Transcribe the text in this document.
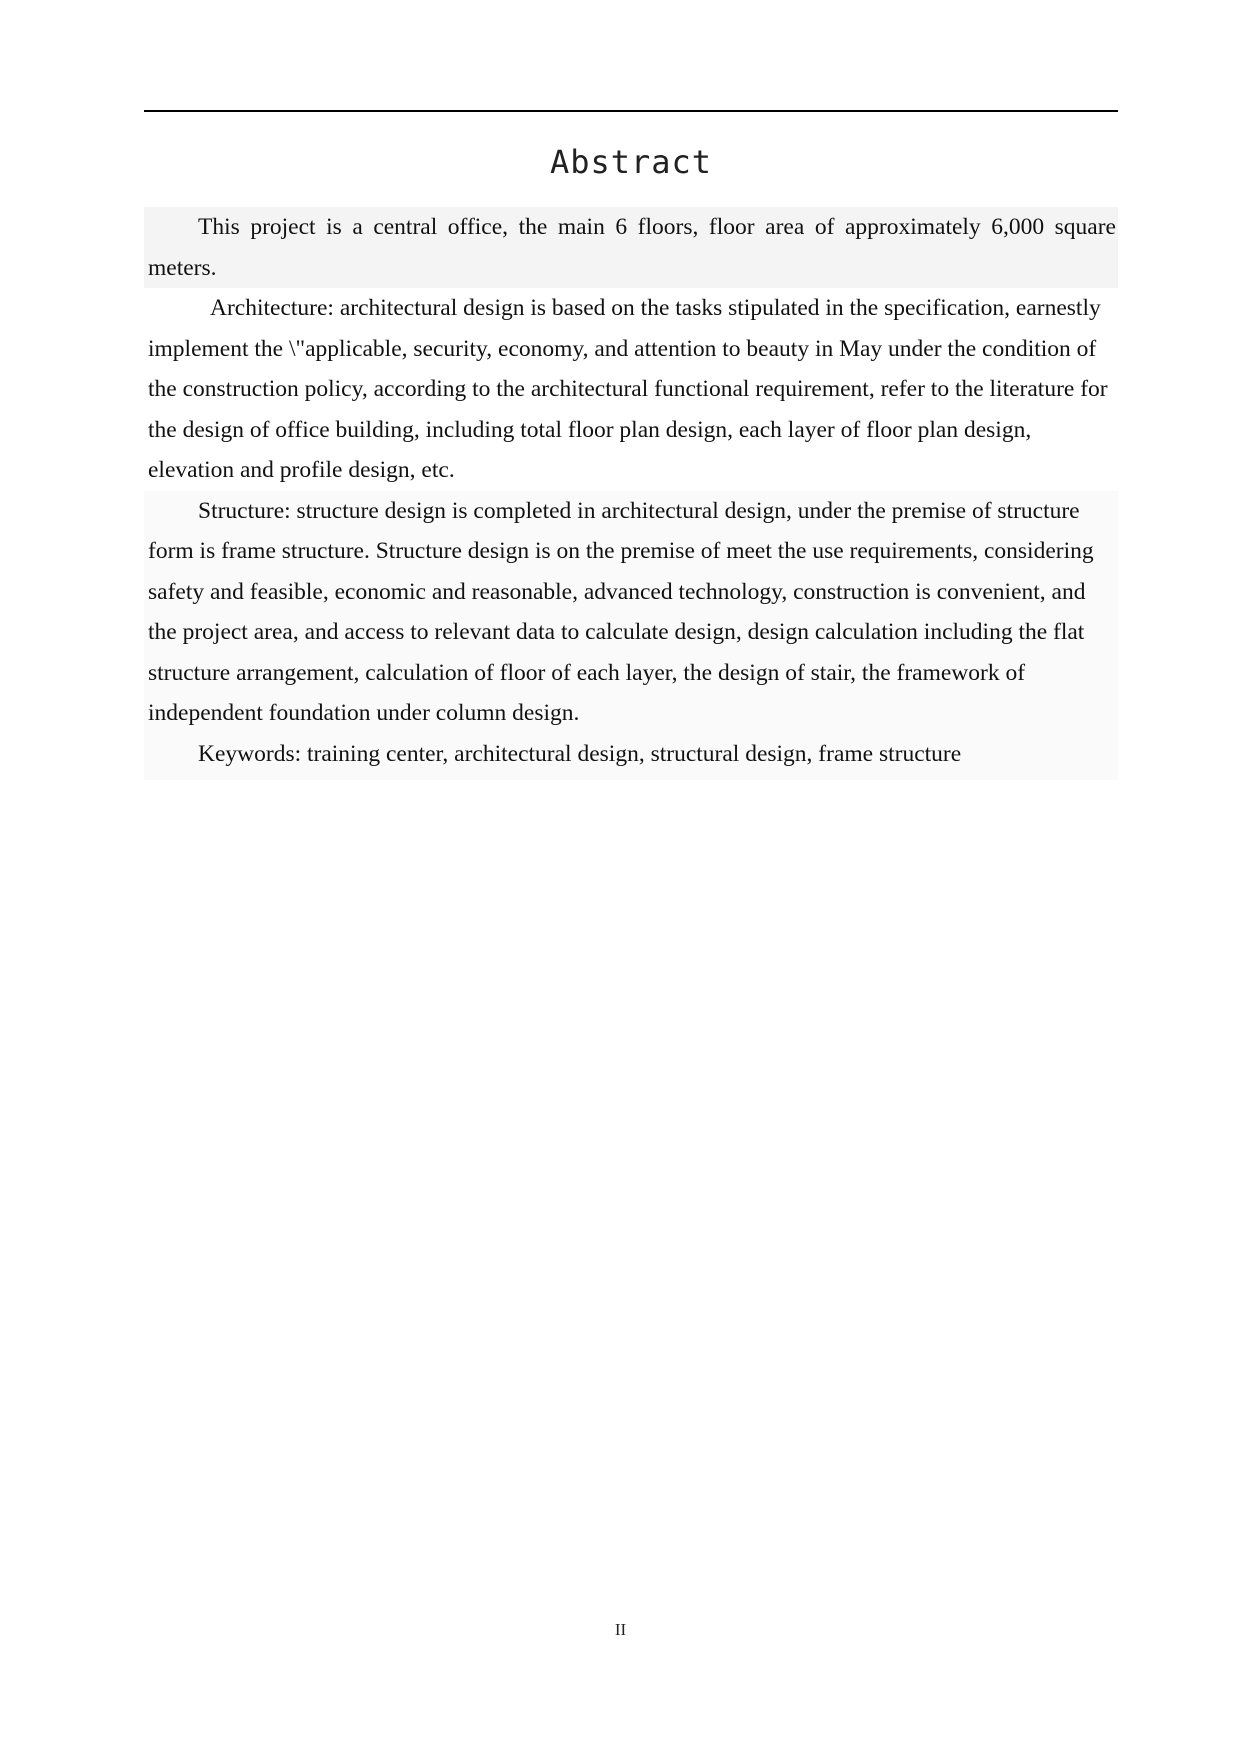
Abstract

This project is a central office, the main 6 floors, floor area of approximately 6,000 square meters.

Architecture: architectural design is based on the tasks stipulated in the specification, earnestly implement the \"applicable, security, economy, and attention to beauty in May under the condition of the construction policy, according to the architectural functional requirement, refer to the literature for the design of office building, including total floor plan design, each layer of floor plan design, elevation and profile design, etc.

Structure: structure design is completed in architectural design, under the premise of structure form is frame structure. Structure design is on the premise of meet the use requirements, considering safety and feasible, economic and reasonable, advanced technology, construction is convenient, and the project area, and access to relevant data to calculate design, design calculation including the flat structure arrangement, calculation of floor of each layer, the design of stair, the framework of independent foundation under column design.

Keywords: training center, architectural design, structural design, frame structure

II
